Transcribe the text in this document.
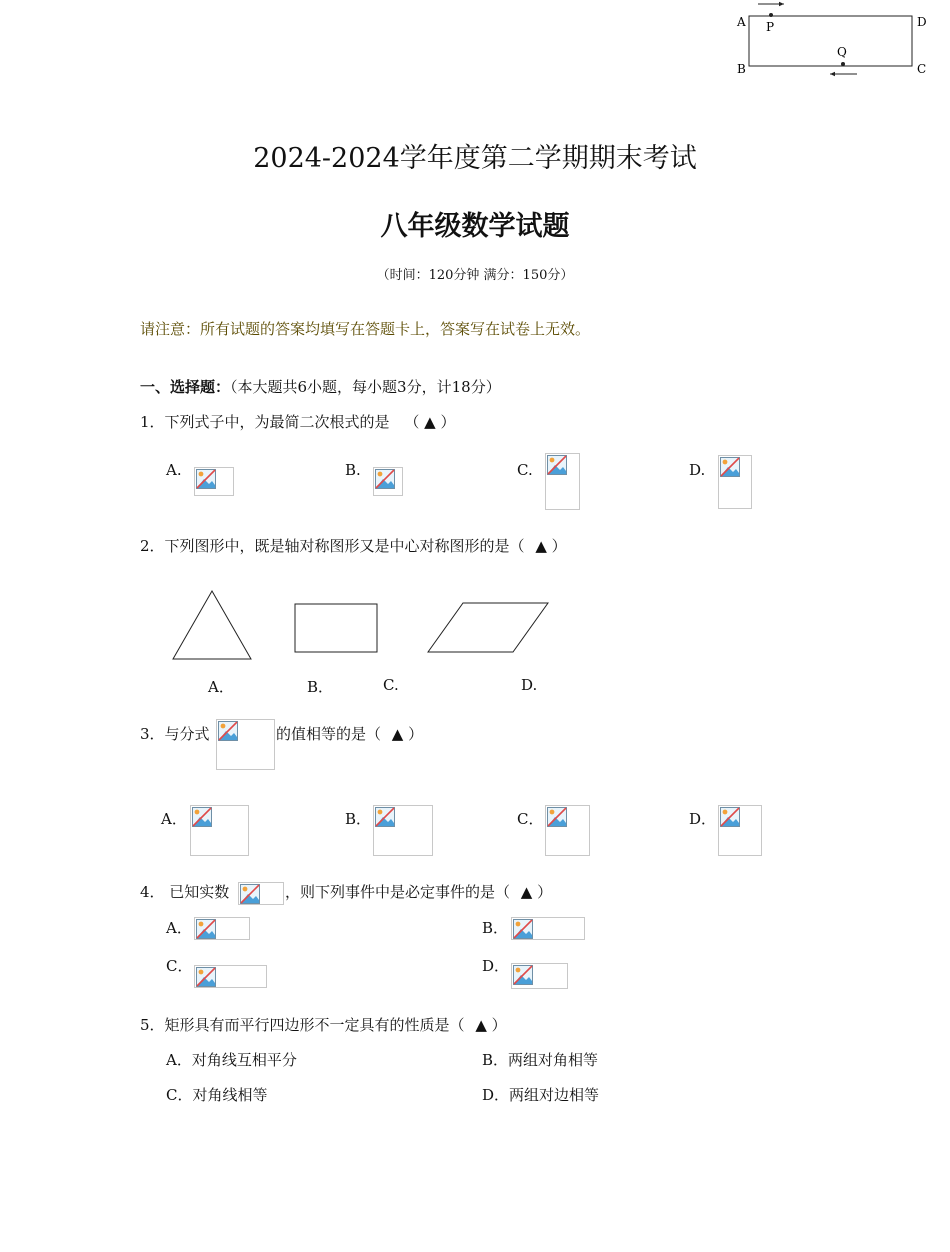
A
B	C
D
P
Q
2024-2024学年度第二学期期末考试
八年级数学试题
（时间：120分钟 满分：150分）
请注意：所有试题的答案均填写在答题卡上，答案写在试卷上无效。
一、选择题：（本大题共6小题，每小题3分，计18分）
1．下列式子中，为最简二次根式的是 （ ▲ ）
A.	B.	C.	D.
2．下列图形中，既是轴对称图形又是中心对称图形的是（ ▲ ）
A．	B．	C.	D.
3．与分式	的值相等的是（ ▲ ）
A．	B．	C．	D．
4． 已知实数	，则下列事件中是必定事件的是（ ▲ ）
A．	B．
C．	D．
5．矩形具有而平行四边形不一定具有的性质是（ ▲ ）
A．对角线互相平分	B．两组对角相等
C．对角线相等	D．两组对边相等
